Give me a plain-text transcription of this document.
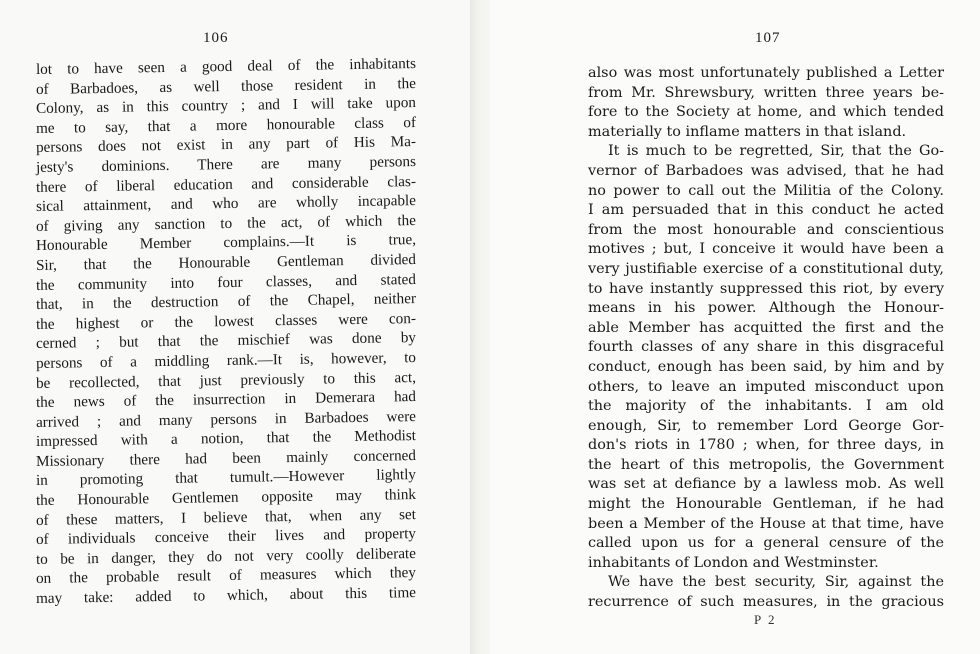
106
lot to have seen a good deal of the inhabitants
of Barbadoes, as well those resident in the
Colony, as in this country ; and I will take upon
me to say, that a more honourable class of
persons does not exist in any part of His Ma-
jesty's dominions. There are many persons
there of liberal education and considerable clas-
sical attainment, and who are wholly incapable
of giving any sanction to the act, of which the
Honourable Member complains.—It is true,
Sir, that the Honourable Gentleman divided
the community into four classes, and stated
that, in the destruction of the Chapel, neither
the highest or the lowest classes were con-
cerned ; but that the mischief was done by
persons of a middling rank.—It is, however, to
be recollected, that just previously to this act,
the news of the insurrection in Demerara had
arrived ; and many persons in Barbadoes were
impressed with a notion, that the Methodist
Missionary there had been mainly concerned
in promoting that tumult.—However lightly
the Honourable Gentlemen opposite may think
of these matters, I believe that, when any set
of individuals conceive their lives and property
to be in danger, they do not very coolly deliberate
on the probable result of measures which they
may take: added to which, about this time
107
also was most unfortunately published a Letter
from Mr. Shrewsbury, written three years be-
fore to the Society at home, and which tended
materially to inflame matters in that island.
It is much to be regretted, Sir, that the Go-
vernor of Barbadoes was advised, that he had
no power to call out the Militia of the Colony.
I am persuaded that in this conduct he acted
from the most honourable and conscientious
motives ; but, I conceive it would have been a
very justifiable exercise of a constitutional duty,
to have instantly suppressed this riot, by every
means in his power. Although the Honour-
able Member has acquitted the first and the
fourth classes of any share in this disgraceful
conduct, enough has been said, by him and by
others, to leave an imputed misconduct upon
the majority of the inhabitants. I am old
enough, Sir, to remember Lord George Gor-
don's riots in 1780 ; when, for three days, in
the heart of this metropolis, the Government
was set at defiance by a lawless mob. As well
might the Honourable Gentleman, if he had
been a Member of the House at that time, have
called upon us for a general censure of the
inhabitants of London and Westminster.
We have the best security, Sir, against the
recurrence of such measures, in the gracious
P 2
